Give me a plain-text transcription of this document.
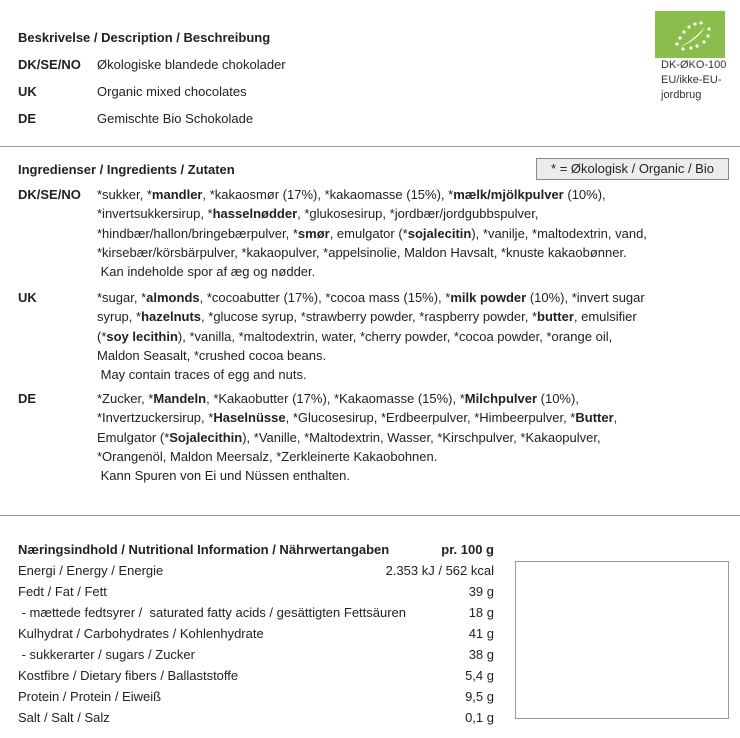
Beskrivelse / Description / Beschreibung
DK/SE/NO Økologiske blandede chokolader
UK	Organic mixed chocolates
DE	Gemischte Bio Schokolade
DK-ØKO-100
EU/ikke-EU-
jordbrug
Ingredienser / Ingredients / Zutaten	* = Økologisk / Organic / Bio
DK/SE/NO *sukker, *mandler, *kakaosmør (17%), *kakaomasse (15%), *mælk/mjölkpulver (10%),
*invertsukkersirup, *hasselnødder, *glukosesirup, *jordbær/jordgubbspulver,
*hindbær/hallon/bringebærpulver, *smør, emulgator (*sojalecitin), *vanilje, *maltodextrin, vand,
*kirsebær/körsbärpulver, *kakaopulver, *appelsinolie, Maldon Havsalt, *knuste kakaobønner.
Kan indeholde spor af æg og nødder.
UK	*sugar, *almonds, *cocoabutter (17%), *cocoa mass (15%), *milk powder (10%), *invert sugar
syrup, *hazelnuts, *glucose syrup, *strawberry powder, *raspberry powder, *butter, emulsifier
(*soy lecithin), *vanilla, *maltodextrin, water, *cherry powder, *cocoa powder, *orange oil,
Maldon Seasalt, *crushed cocoa beans.
May contain traces of egg and nuts.
DE	*Zucker, *Mandeln, *Kakaobutter (17%), *Kakaomasse (15%), *Milchpulver (10%),
*Invertzuckersirup, *Haselnüsse, *Glucosesirup, *Erdbeerpulver, *Himbeerpulver, *Butter,
Emulgator (*Sojalecithin), *Vanille, *Maltodextrin, Wasser, *Kirschpulver, *Kakaopulver,
*Orangenöl, Maldon Meersalz, *Zerkleinerte Kakaobohnen.
Kann Spuren von Ei und Nüssen enthalten.
Næringsindhold / Nutritional Information / Nährwertangaben	pr. 100 g
Energi / Energy / Energie	2.353 kJ / 562 kcal
Fedt / Fat / Fett	39 g
- mættede fedtsyrer /  saturated fatty acids / gesättigten Fettsäuren	18 g
Kulhydrat / Carbohydrates / Kohlenhydrate	41 g
- sukkerarter / sugars / Zucker	38 g
Kostfibre / Dietary fibers / Ballaststoffe	5,4 g
Protein / Protein / Eiweiß	9,5 g
Salt / Salt / Salz	0,1 g
